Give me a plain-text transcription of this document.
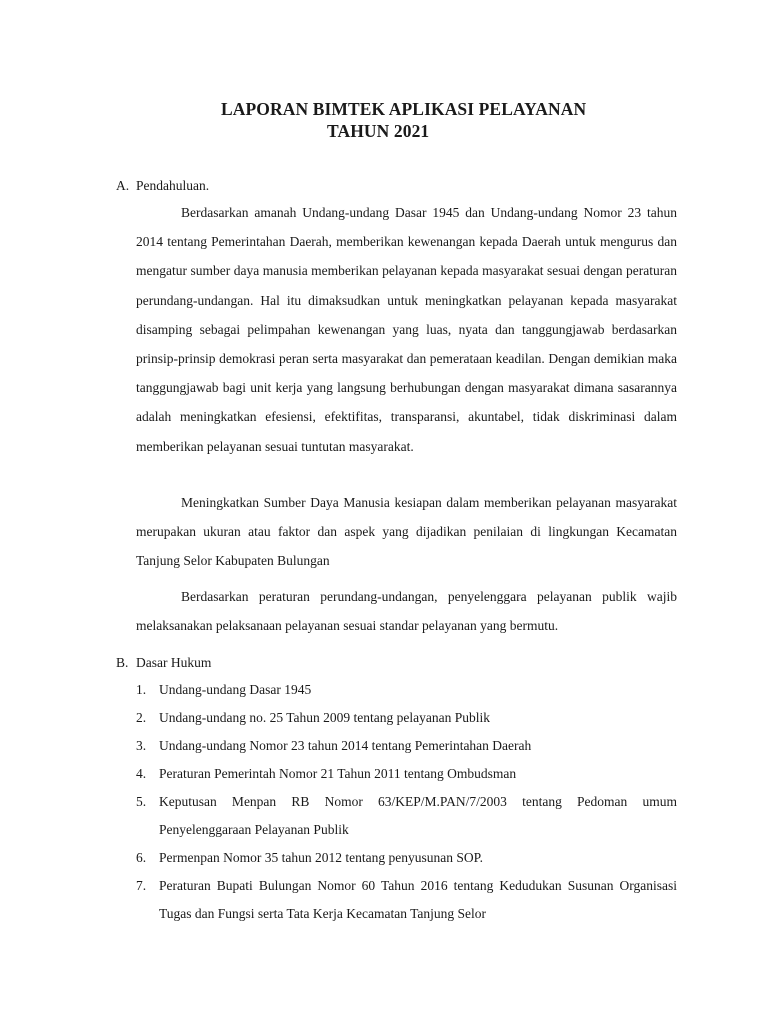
LAPORAN BIMTEK APLIKASI PELAYANAN
TAHUN 2021
A. Pendahuluan.

Berdasarkan amanah Undang-undang Dasar 1945 dan Undang-undang Nomor 23 tahun 2014 tentang Pemerintahan Daerah, memberikan kewenangan kepada Daerah untuk mengurus dan mengatur sumber daya manusia memberikan pelayanan kepada masyarakat sesuai dengan peraturan perundang-undangan. Hal itu dimaksudkan untuk meningkatkan pelayanan kepada masyarakat disamping sebagai pelimpahan kewenangan yang luas, nyata dan tanggungjawab berdasarkan prinsip-prinsip demokrasi peran serta masyarakat dan pemerataan keadilan. Dengan demikian maka tanggungjawab bagi unit kerja yang langsung berhubungan dengan masyarakat dimana sasarannya adalah meningkatkan efesiensi, efektifitas, transparansi, akuntabel, tidak diskriminasi dalam memberikan pelayanan sesuai tuntutan masyarakat.

Meningkatkan Sumber Daya Manusia kesiapan dalam memberikan pelayanan masyarakat merupakan ukuran atau faktor dan aspek yang dijadikan penilaian di lingkungan Kecamatan Tanjung Selor Kabupaten Bulungan

Berdasarkan peraturan perundang-undangan, penyelenggara pelayanan publik wajib melaksanakan pelaksanaan pelayanan sesuai standar pelayanan yang bermutu.

B. Dasar Hukum
1. Undang-undang Dasar 1945
2. Undang-undang no. 25 Tahun 2009 tentang pelayanan Publik
3. Undang-undang Nomor 23 tahun 2014 tentang Pemerintahan Daerah
4. Peraturan Pemerintah Nomor 21 Tahun 2011 tentang Ombudsman
5. Keputusan Menpan RB Nomor 63/KEP/M.PAN/7/2003 tentang Pedoman umum Penyelenggaraan Pelayanan Publik
6. Permenpan Nomor 35 tahun 2012 tentang penyusunan SOP.
7. Peraturan Bupati Bulungan Nomor 60 Tahun 2016 tentang Kedudukan Susunan Organisasi Tugas dan Fungsi serta Tata Kerja Kecamatan Tanjung Selor
